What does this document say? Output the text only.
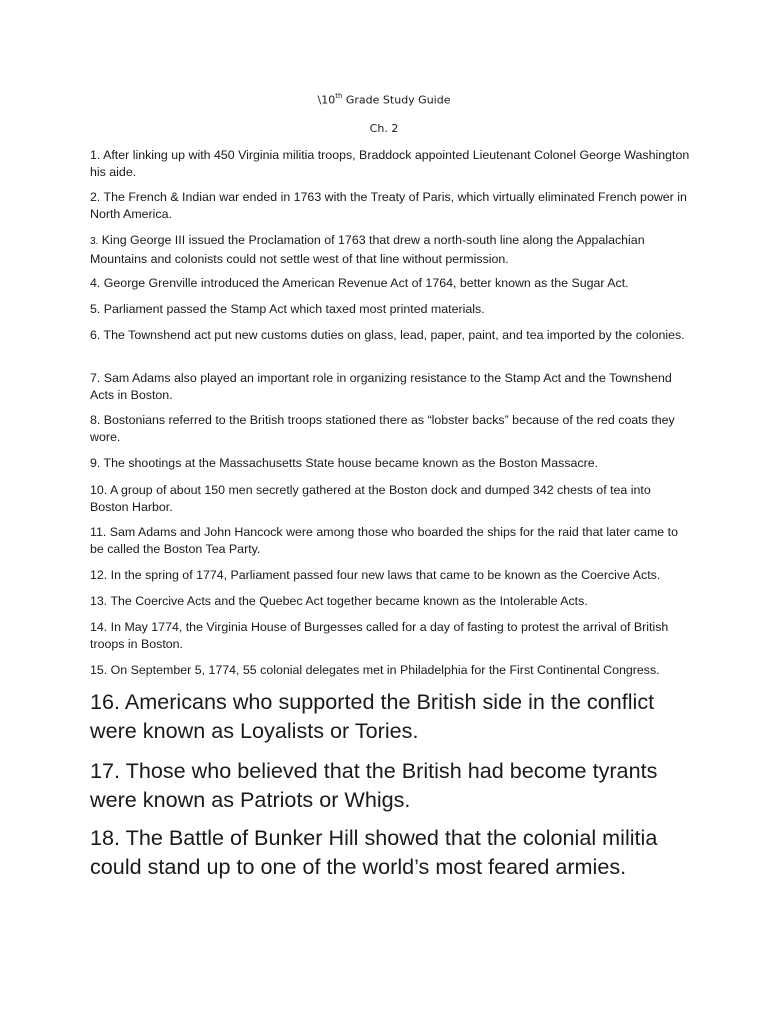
\10th Grade Study Guide
Ch. 2

1. After linking up with 450 Virginia militia troops, Braddock appointed Lieutenant Colonel George Washington his aide.

2. The French & Indian war ended in 1763 with the Treaty of Paris, which virtually eliminated French power in North America.

3. King George III issued the Proclamation of 1763 that drew a north-south line along the Appalachian Mountains and colonists could not settle west of that line without permission.

4. George Grenville introduced the American Revenue Act of 1764, better known as the Sugar Act.

5. Parliament passed the Stamp Act which taxed most printed materials.

6. The Townshend act put new customs duties on glass, lead, paper, paint, and tea imported by the colonies.

7. Sam Adams also played an important role in organizing resistance to the Stamp Act and the Townshend Acts in Boston.

8. Bostonians referred to the British troops stationed there as “lobster backs” because of the red coats they wore.

9. The shootings at the Massachusetts State house became known as the Boston Massacre.

10. A group of about 150 men secretly gathered at the Boston dock and dumped 342 chests of tea into Boston Harbor.

11. Sam Adams and John Hancock were among those who boarded the ships for the raid that later came to be called the Boston Tea Party.

12. In the spring of 1774, Parliament passed four new laws that came to be known as the Coercive Acts.

13. The Coercive Acts and the Quebec Act together became known as the Intolerable Acts.

14. In May 1774, the Virginia House of Burgesses called for a day of fasting to protest the arrival of British troops in Boston.

15. On September 5, 1774, 55 colonial delegates met in Philadelphia for the First Continental Congress.

16. Americans who supported the British side in the conflict were known as Loyalists or Tories.

17. Those who believed that the British had become tyrants were known as Patriots or Whigs.

18. The Battle of Bunker Hill showed that the colonial militia could stand up to one of the world’s most feared armies.
